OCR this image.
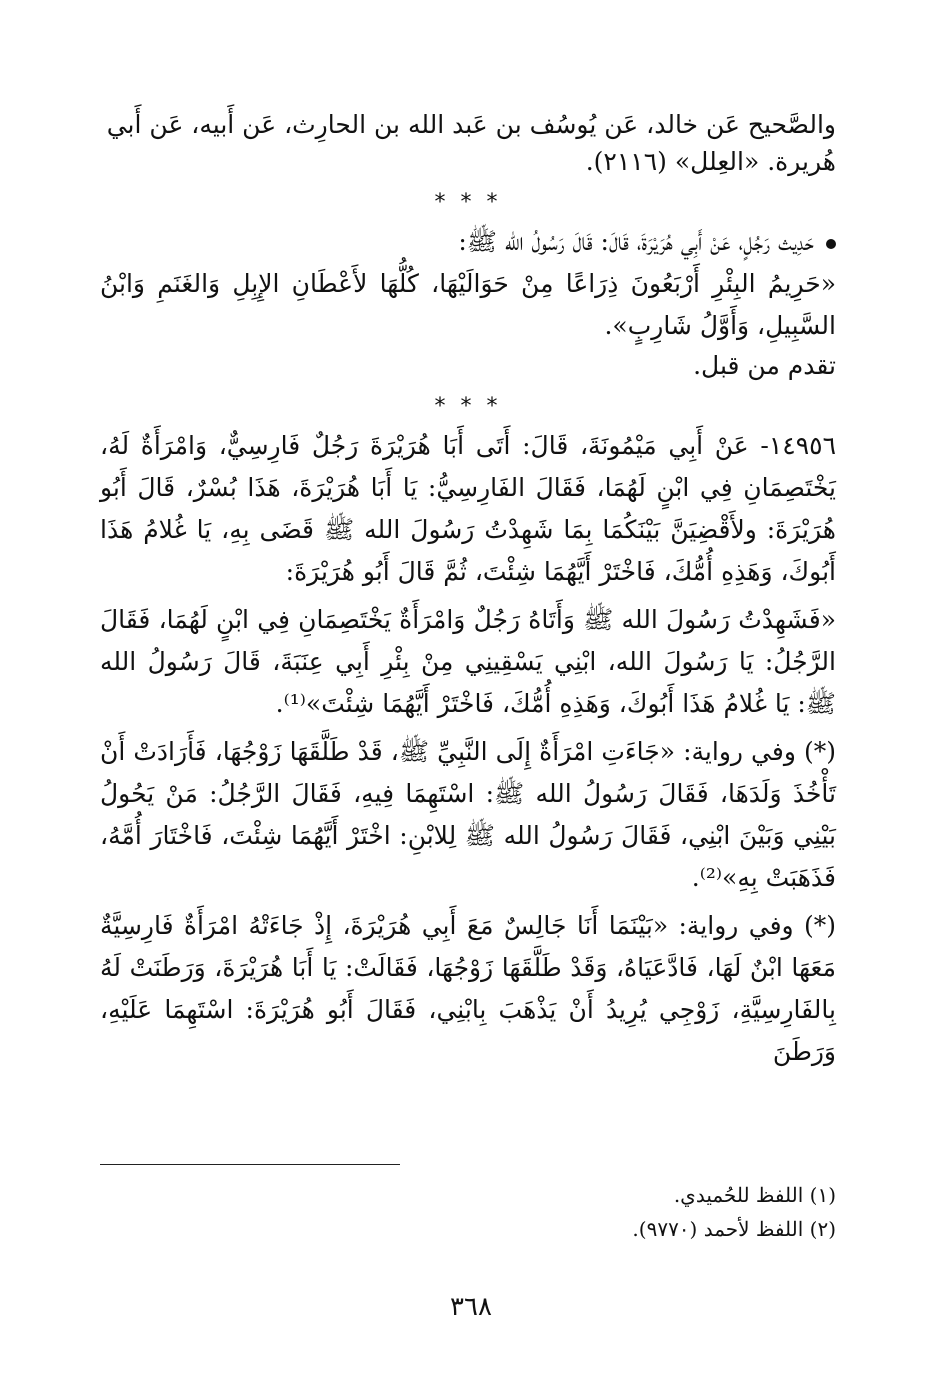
والصَّحيح عَن خالد، عَن يُوسُف بن عَبد الله بن الحارِث، عَن أَبيه، عَن أَبي

هُريرة. «العِلل» (٢١١٦).

* * *

حَدِيث رَجُلٍ، عَنْ أَبِي هُرَيْرَةَ، قَالَ: قَالَ رَسُولُ الله ﷺ:

«حَرِيمُ البِئْرِ أَرْبَعُونَ ذِرَاعًا مِنْ حَوَالَيْهَا، كُلُّهَا لأَعْطَانِ الإِبِلِ وَالغَنَمِ وَابْنُ السَّبِيلِ، وَأَوَّلُ شَارِبٍ».

تقدم من قبل.

* * *

١٤٩٥٦- عَنْ أَبِي مَيْمُونَةَ، قَالَ: أَتَى أَبَا هُرَيْرَةَ رَجُلٌ فَارِسِيٌّ، وَامْرَأَةٌ لَهُ، يَخْتَصِمَانِ فِي ابْنٍ لَهُمَا، فَقَالَ الفَارِسِيُّ: يَا أَبَا هُرَيْرَةَ، هَذَا بُسْرٌ، قَالَ أَبُو هُرَيْرَةَ: ولأَقْضِيَنَّ بَيْنَكُمَا بِمَا شَهِدْتُ رَسُولَ الله ﷺ قَضَى بِهِ، يَا غُلامُ هَذَا أَبُوكَ، وَهَذِهِ أُمُّكَ، فَاخْتَرْ أَيَّهُمَا شِئْتَ، ثُمَّ قَالَ أَبُو هُرَيْرَةَ:

«فَشَهِدْتُ رَسُولَ الله ﷺ وَأَتَاهُ رَجُلٌ وَامْرَأَةٌ يَخْتَصِمَانِ فِي ابْنٍ لَهُمَا، فَقَالَ الرَّجُلُ: يَا رَسُولَ الله، ابْنِي يَسْقِينِي مِنْ بِئْرِ أَبِي عِنَبَةَ، قَالَ رَسُولُ الله ﷺ: يَا غُلامُ هَذَا أَبُوكَ، وَهَذِهِ أُمُّكَ، فَاخْتَرْ أَيَّهُمَا شِئْتَ»⁽¹⁾.

(*) وفي رواية: «جَاءَتِ امْرَأَةٌ إِلَى النَّبِيِّ ﷺ، قَدْ طَلَّقَهَا زَوْجُهَا، فَأَرَادَتْ أَنْ تَأْخُذَ وَلَدَهَا، فَقَالَ رَسُولُ الله ﷺ: اسْتَهِمَا فِيهِ، فَقَالَ الرَّجُلُ: مَنْ يَحُولُ بَيْنِي وَبَيْنَ ابْنِي، فَقَالَ رَسُولُ الله ﷺ لِلابْنِ: اخْتَرْ أَيَّهُمَا شِئْتَ، فَاخْتَارَ أُمَّهُ، فَذَهَبَتْ بِهِ»⁽²⁾.

(*) وفي رواية: «بَيْنَمَا أَنَا جَالِسٌ مَعَ أَبِي هُرَيْرَةَ، إِذْ جَاءَتْهُ امْرَأَةٌ فَارِسِيَّةٌ مَعَهَا ابْنٌ لَهَا، فَادَّعَيَاهُ، وَقَدْ طَلَّقَهَا زَوْجُهَا، فَقَالَتْ: يَا أَبَا هُرَيْرَةَ، وَرَطَنَتْ لَهُ بِالفَارِسِيَّةِ، زَوْجِي يُرِيدُ أَنْ يَذْهَبَ بِابْنِي، فَقَالَ أَبُو هُرَيْرَةَ: اسْتَهِمَا عَلَيْهِ، وَرَطَنَ

(١) اللفظ للحُميدي.

(٢) اللفظ لأحمد (٩٧٧٠).

٣٦٨
